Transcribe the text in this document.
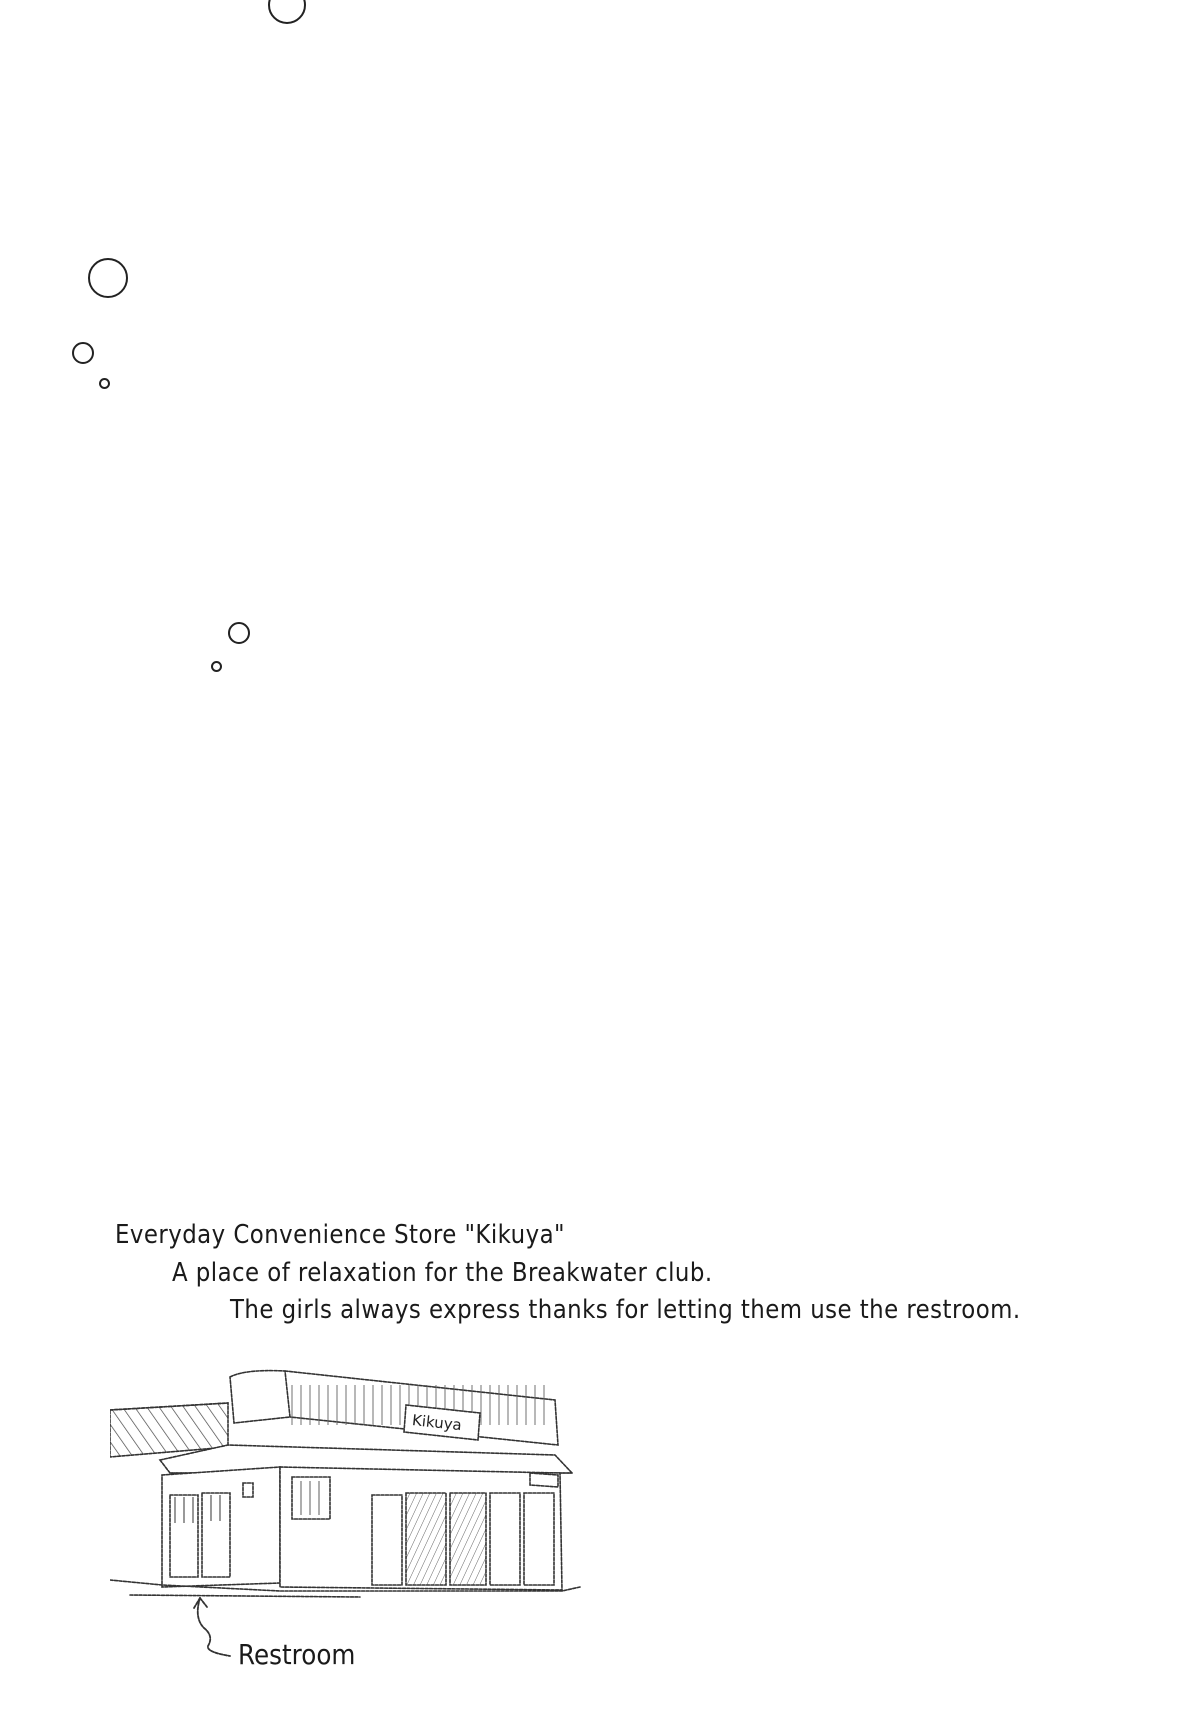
Everyday Convenience Store "Kikuya"
A place of relaxation for the Breakwater club.
The girls always express thanks for letting them use the restroom.
Kikuya
Restroom
